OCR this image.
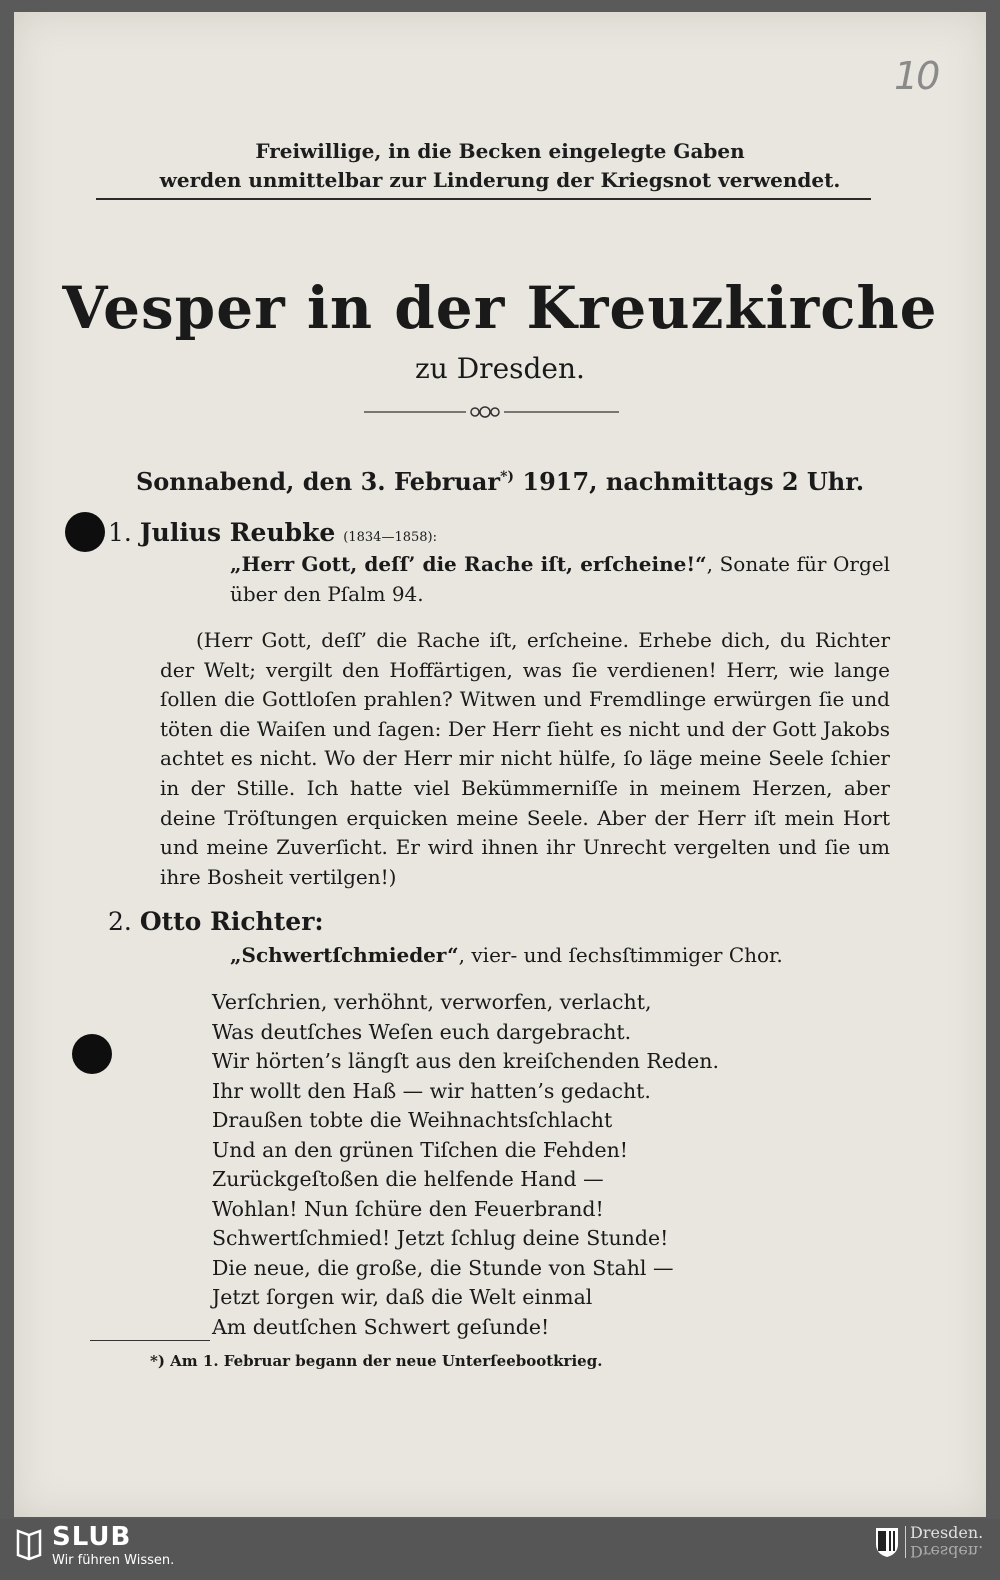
10
Freiwillige, in die Becken eingelegte Gaben
werden unmittelbar zur Linderung der Kriegsnot verwendet.
Vesper in der Kreuzkirche
zu Dresden.
Sonnabend, den 3. Februar*) 1917, nachmittags 2 Uhr.
1. Julius Reubke (1834—1858):
„Herr Gott, deſſ’ die Rache iſt, erſcheine!“, Sonate für Orgel über den Pſalm 94.
(Herr Gott, deſſ’ die Rache iſt, erſcheine. Erhebe dich, du Richter der Welt; vergilt den Hoffärtigen, was ſie verdienen! Herr, wie lange ſollen die Gottloſen prahlen? Witwen und Fremdlinge erwürgen ſie und töten die Waiſen und ſagen: Der Herr ſieht es nicht und der Gott Jakobs achtet es nicht. Wo der Herr mir nicht hülfe, ſo läge meine Seele ſchier in der Stille. Ich hatte viel Bekümmerniſſe in meinem Herzen, aber deine Tröſtungen erquicken meine Seele. Aber der Herr iſt mein Hort und meine Zuverſicht. Er wird ihnen ihr Unrecht vergelten und ſie um ihre Bosheit vertilgen!)
2. Otto Richter:
„Schwertſchmieder“, vier- und ſechsſtimmiger Chor.
Verſchrien, verhöhnt, verworfen, verlacht,
Was deutſches Weſen euch dargebracht.
Wir hörten’s längſt aus den kreiſchenden Reden.
Ihr wollt den Haß — wir hatten’s gedacht.
Draußen tobte die Weihnachtsſchlacht
Und an den grünen Tiſchen die Fehden!
Zurückgeſtoßen die helfende Hand —
Wohlan! Nun ſchüre den Feuerbrand!
Schwertſchmied! Jetzt ſchlug deine Stunde!
Die neue, die große, die Stunde von Stahl —
Jetzt ſorgen wir, daß die Welt einmal
Am deutſchen Schwert geſunde!
*) Am 1. Februar begann der neue Unterſeebootkrieg.
SLUB
Wir führen Wissen.
Dresden.
Dresden.
